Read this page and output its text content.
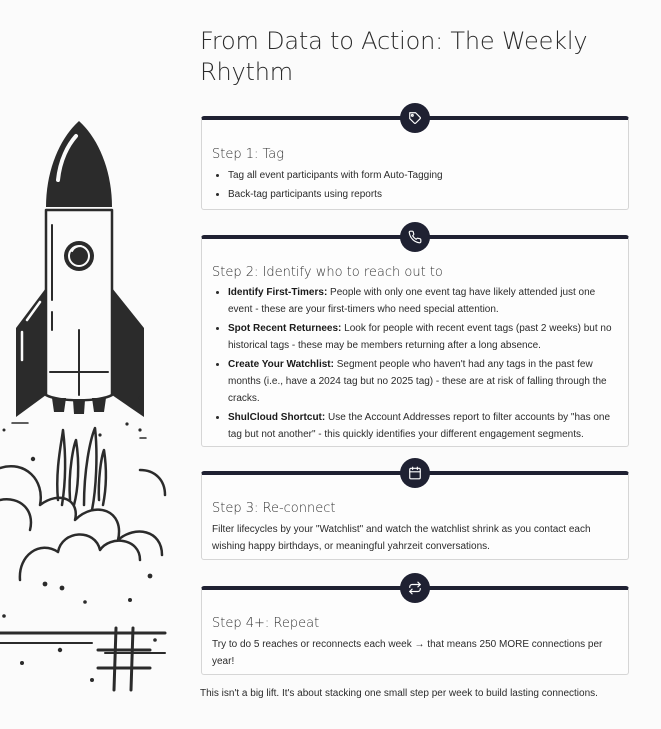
From Data to Action: The Weekly Rhythm
Step 1: Tag
• Tag all event participants with form Auto-Tagging
• Back-tag participants using reports
Step 2: Identify who to reach out to
• Identify First-Timers: People with only one event tag have likely attended just one event - these are your first-timers who need special attention.
• Spot Recent Returnees: Look for people with recent event tags (past 2 weeks) but no historical tags - these may be members returning after a long absence.
• Create Your Watchlist: Segment people who haven't had any tags in the past few months (i.e., have a 2024 tag but no 2025 tag) - these are at risk of falling through the cracks.
• ShulCloud Shortcut: Use the Account Addresses report to filter accounts by "has one tag but not another" - this quickly identifies your different engagement segments.
Step 3: Re-connect

Filter lifecycles by your "Watchlist" and watch the watchlist shrink as you contact each wishing happy birthdays, or meaningful yahrzeit conversations.

Step 4+: Repeat

Try to do 5 reaches or reconnects each week → that means 250 MORE connections per year!

This isn't a big lift. It's about stacking one small step per week to build lasting connections.
